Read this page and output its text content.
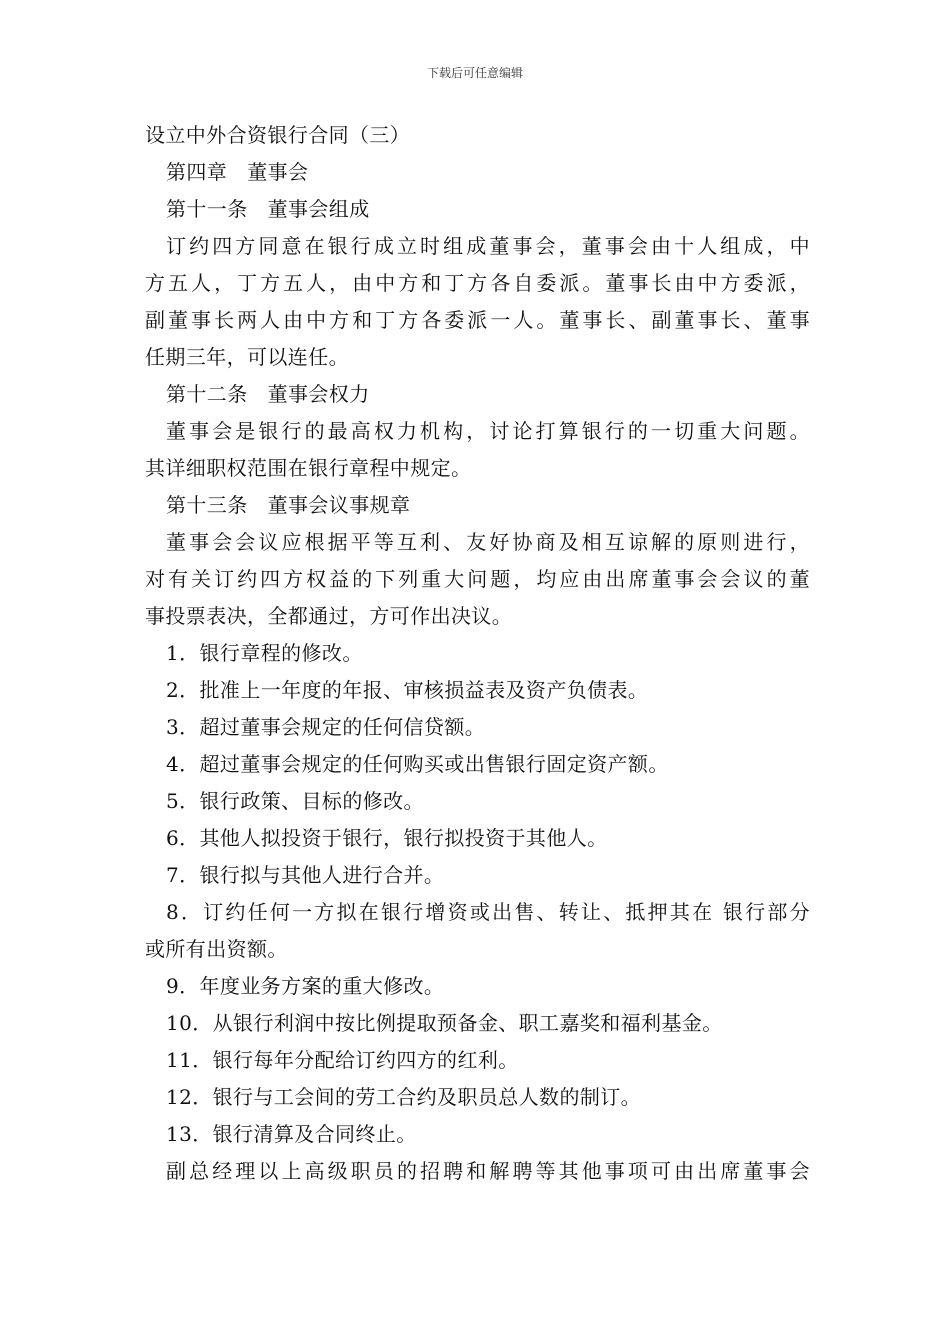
下载后可任意编辑
设立中外合资银行合同（三）
第四章 董事会
第十一条 董事会组成
订约四方同意在银行成立时组成董事会，董事会由十人组成，中
方五人，丁方五人，由中方和丁方各自委派。董事长由中方委派，
副董事长两人由中方和丁方各委派一人。董事长、副董事长、董事
任期三年，可以连任。
第十二条 董事会权力
董事会是银行的最高权力机构，讨论打算银行的一切重大问题。
其详细职权范围在银行章程中规定。
第十三条 董事会议事规章
董事会会议应根据平等互利、友好协商及相互谅解的原则进行，
对有关订约四方权益的下列重大问题，均应由出席董事会会议的董
事投票表决，全都通过，方可作出决议。
1．银行章程的修改。
2．批准上一年度的年报、审核损益表及资产负债表。
3．超过董事会规定的任何信贷额。
4．超过董事会规定的任何购买或出售银行固定资产额。
5．银行政策、目标的修改。
6．其他人拟投资于银行，银行拟投资于其他人。
7．银行拟与其他人进行合并。
8．订约任何一方拟在银行增资或出售、转让、抵押其在 银行部分
或所有出资额。
9．年度业务方案的重大修改。
10．从银行利润中按比例提取预备金、职工嘉奖和福利基金。
11．银行每年分配给订约四方的红利。
12．银行与工会间的劳工合约及职员总人数的制订。
13．银行清算及合同终止。
副总经理以上高级职员的招聘和解聘等其他事项可由出席董事会
